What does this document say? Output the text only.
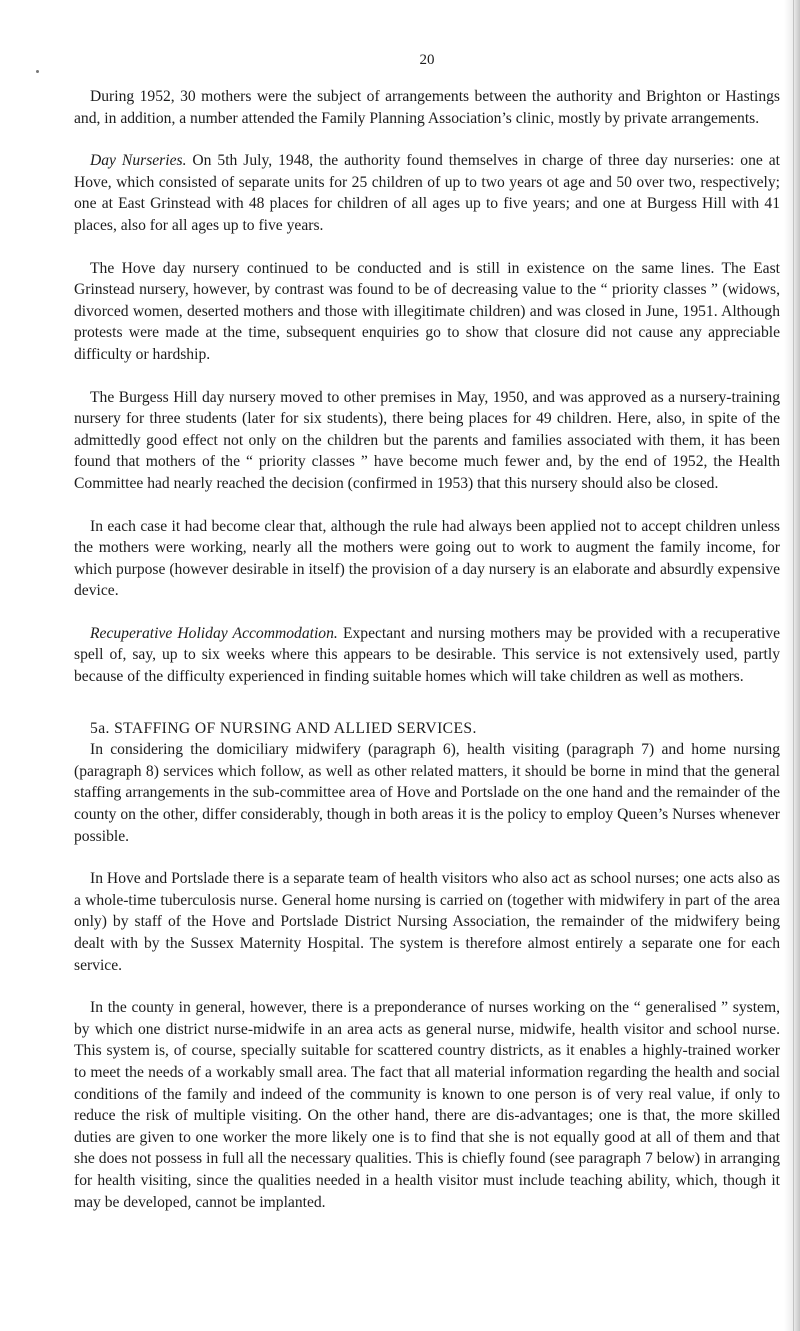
20

During 1952, 30 mothers were the subject of arrangements between the authority and Brighton or Hastings and, in addition, a number attended the Family Planning Association’s clinic, mostly by private arrangements.

Day Nurseries. On 5th July, 1948, the authority found themselves in charge of three day nurseries: one at Hove, which consisted of separate units for 25 children of up to two years ot age and 50 over two, respectively; one at East Grinstead with 48 places for children of all ages up to five years; and one at Burgess Hill with 41 places, also for all ages up to five years.

The Hove day nursery continued to be conducted and is still in existence on the same lines. The East Grinstead nursery, however, by contrast was found to be of decreasing value to the “ priority classes ” (widows, divorced women, deserted mothers and those with illegitimate children) and was closed in June, 1951. Although protests were made at the time, subsequent enquiries go to show that closure did not cause any appreciable difficulty or hardship.

The Burgess Hill day nursery moved to other premises in May, 1950, and was approved as a nursery-training nursery for three students (later for six students), there being places for 49 children. Here, also, in spite of the admittedly good effect not only on the children but the parents and families associated with them, it has been found that mothers of the “ priority classes ” have become much fewer and, by the end of 1952, the Health Committee had nearly reached the decision (confirmed in 1953) that this nursery should also be closed.

In each case it had become clear that, although the rule had always been applied not to accept children unless the mothers were working, nearly all the mothers were going out to work to augment the family income, for which purpose (however desirable in itself) the provision of a day nursery is an elaborate and absurdly expensive device.

Recuperative Holiday Accommodation. Expectant and nursing mothers may be provided with a recuperative spell of, say, up to six weeks where this appears to be desirable. This service is not extensively used, partly because of the difficulty experienced in finding suitable homes which will take children as well as mothers.

5a. STAFFING OF NURSING AND ALLIED SERVICES.

In considering the domiciliary midwifery (paragraph 6), health visiting (paragraph 7) and home nursing (paragraph 8) services which follow, as well as other related matters, it should be borne in mind that the general staffing arrangements in the sub-committee area of Hove and Portslade on the one hand and the remainder of the county on the other, differ considerably, though in both areas it is the policy to employ Queen’s Nurses whenever possible.

In Hove and Portslade there is a separate team of health visitors who also act as school nurses; one acts also as a whole-time tuberculosis nurse. General home nursing is carried on (together with midwifery in part of the area only) by staff of the Hove and Portslade District Nursing Association, the remainder of the midwifery being dealt with by the Sussex Maternity Hospital. The system is therefore almost entirely a separate one for each service.

In the county in general, however, there is a preponderance of nurses working on the “ generalised ” system, by which one district nurse-midwife in an area acts as general nurse, midwife, health visitor and school nurse. This system is, of course, specially suitable for scattered country districts, as it enables a highly-trained worker to meet the needs of a workably small area. The fact that all material information regarding the health and social conditions of the family and indeed of the community is known to one person is of very real value, if only to reduce the risk of multiple visiting. On the other hand, there are dis-advantages; one is that, the more skilled duties are given to one worker the more likely one is to find that she is not equally good at all of them and that she does not possess in full all the necessary qualities. This is chiefly found (see paragraph 7 below) in arranging for health visiting, since the qualities needed in a health visitor must include teaching ability, which, though it may be developed, cannot be implanted.
